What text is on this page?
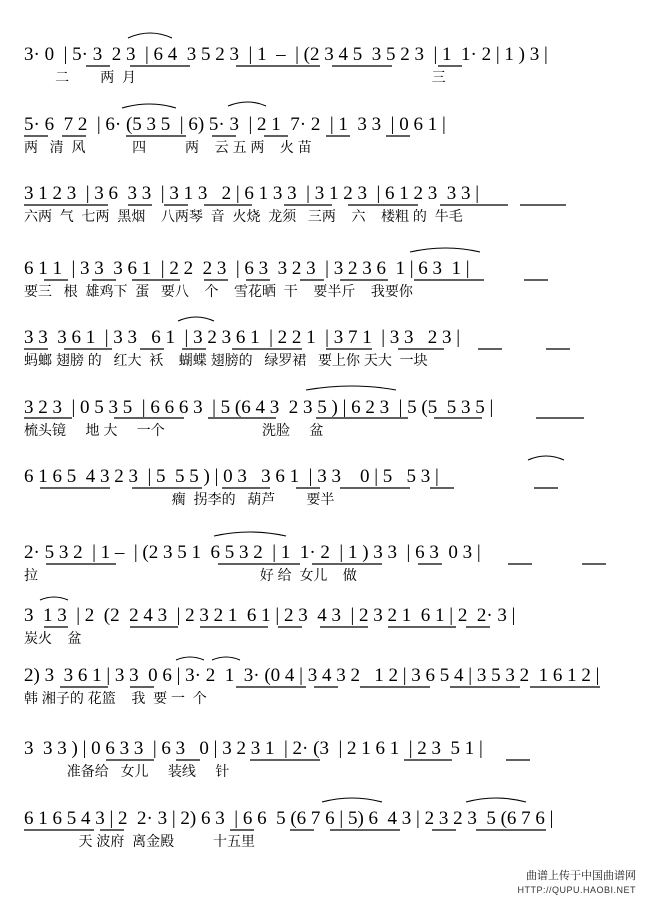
3· 0  | 5· 3  2 3  | 6 4  3 5 2 3  | 1  –  | (2 3 4 5  3 5 2 3  | 1  1· 2 | 1 ) 3 |
二        两  月                                                                            三
5· 6  7 2  | 6· (5 3 5  | 6) 5· 3  | 2 1  7· 2  | 1  3 3  | 0 6 1 |
两   清  风            四          两    云 五 两    火 苗
3 1 2 3  | 3 6  3 3  | 3 1 3   2 | 6 1 3 3  | 3 1 2 3  | 6 1 2 3  3 3 |
六两  气  七两  黑烟    八两琴  音  火烧  龙须   三两    六    楼粗 的  牛毛
6 1 1  | 3 3  3 6 1  | 2 2  2 3  | 6 3  3 2 3  | 3 2 3 6  1 | 6 3  1 |
要三   根  雄鸡下  蛋   要八    个    雪花晒  干    要半斤    我要你
3 3  3 6 1  | 3 3   6 1  | 3 2 3 6 1  | 2 2 1  | 3 7 1  | 3 3   2 3 |
蚂螂 翅膀 的   红大  袄    蝴蝶 翅膀的   绿罗裙   要上你 天大  一块
3 2 3  | 0 5 3 5  | 6 6 6 3  | 5 (6 4 3  2 3 5 ) | 6 2 3  | 5 (5  5 3 5 |
梳头镜     地 大     一个                         洗脸     盆
6 1 6 5  4 3 2 3  | 5  5 5 ) | 0 3   3 6 1  | 3 3    0 | 5   5 3 |
瘸  拐李的   葫芦        要半
2· 5 3 2  | 1 –  | (2 3 5 1  6 5 3 2  | 1  1· 2  | 1 ) 3 3  | 6 3  0 3 |
拉                                                         好 给  女儿    做
3  1 3  | 2  (2  2 4 3  | 2 3 2 1  6 1 | 2 3  4 3  | 2 3 2 1  6 1 | 2  2· 3 |
炭火    盆
2) 3  3 6 1 | 3 3  0 6 | 3· 2  1  3· (0 4 | 3 4 3 2   1 2 | 3 6 5 4 | 3 5 3 2  1 6 1 2 |
韩 湘子的 花篮    我  要 一  个
3  3 3 ) | 0 6 3 3  | 6 3   0 | 3 2 3 1  | 2· (3  | 2 1 6 1  | 2 3  5 1 |
准备给   女儿     装线     针
6 1 6 5 4 3 | 2  2· 3 | 2) 6 3  | 6 6  5 (6 7 6 | 5) 6  4 3 | 2 3 2 3  5 (6 7 6 |
天 波府  离金殿          十五里
曲谱上传于中国曲谱网
HTTP://QUPU.HAOBI.NET
